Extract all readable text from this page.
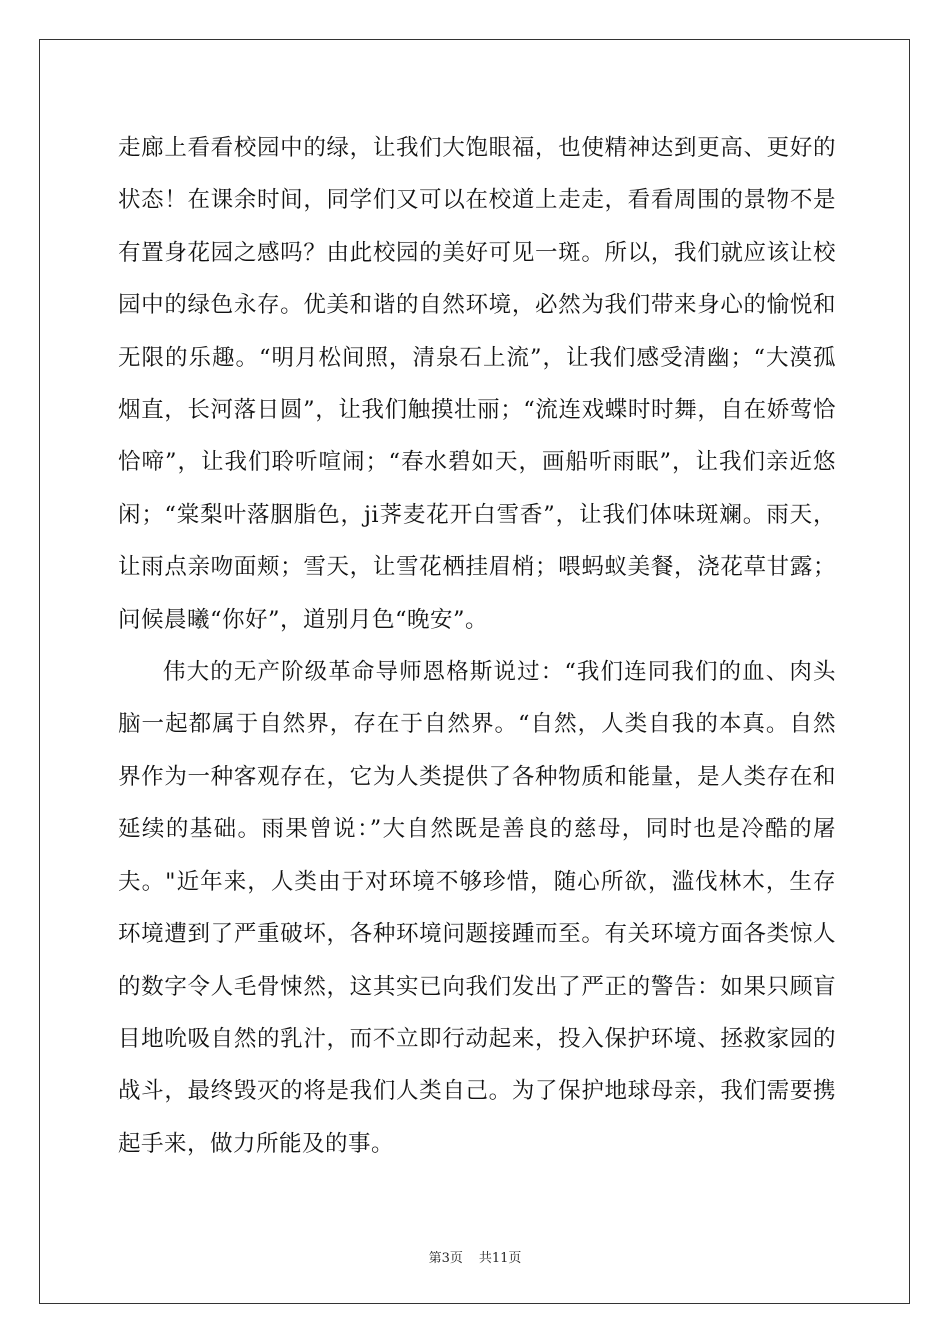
走廊上看看校园中的绿，让我们大饱眼福，也使精神达到更高、更好的状态！在课余时间，同学们又可以在校道上走走，看看周围的景物不是有置身花园之感吗？由此校园的美好可见一斑。所以，我们就应该让校园中的绿色永存。优美和谐的自然环境，必然为我们带来身心的愉悦和无限的乐趣。“明月松间照，清泉石上流”，让我们感受清幽；“大漠孤烟直，长河落日圆”，让我们触摸壮丽；“流连戏蝶时时舞，自在娇莺恰恰啼”，让我们聆听喧闹；“春水碧如天，画船听雨眠”，让我们亲近悠闲；“棠梨叶落胭脂色，ji荠麦花开白雪香”，让我们体味斑斓。雨天，让雨点亲吻面颊；雪天，让雪花栖挂眉梢；喂蚂蚁美餐，浇花草甘露；问候晨曦“你好”，道别月色“晚安”。

伟大的无产阶级革命导师恩格斯说过：“我们连同我们的血、肉头脑一起都属于自然界，存在于自然界。“自然，人类自我的本真。自然界作为一种客观存在，它为人类提供了各种物质和能量，是人类存在和延续的基础。雨果曾说：”大自然既是善良的慈母，同时也是冷酷的屠夫。"近年来，人类由于对环境不够珍惜，随心所欲，滥伐林木，生存环境遭到了严重破坏，各种环境问题接踵而至。有关环境方面各类惊人的数字令人毛骨悚然，这其实已向我们发出了严正的警告：如果只顾盲目地吮吸自然的乳汁，而不立即行动起来，投入保护环境、拯救家园的战斗，最终毁灭的将是我们人类自己。为了保护地球母亲，我们需要携起手来，做力所能及的事。

第3页 共11页
